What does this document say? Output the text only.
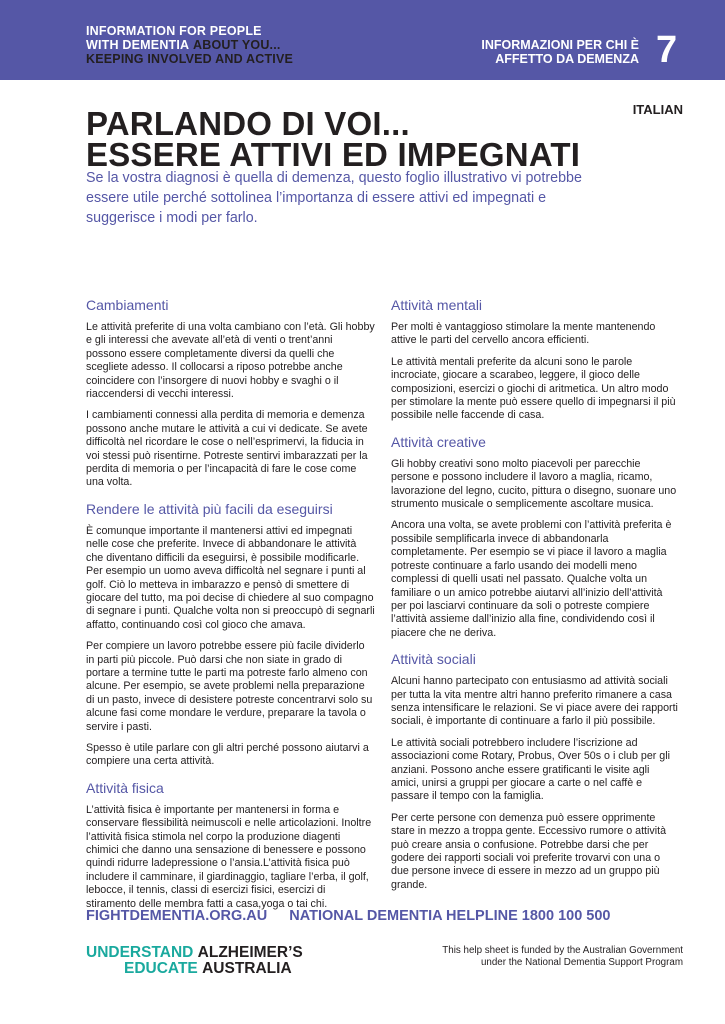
INFORMATION FOR PEOPLE
WITH DEMENTIA ABOUT YOU...
KEEPING INVOLVED AND ACTIVE
INFORMAZIONI PER CHI È
AFFETTO DA DEMENZA 7
ITALIAN
PARLANDO DI VOI...
ESSERE ATTIVI ED IMPEGNATI
Se la vostra diagnosi è quella di demenza, questo foglio illustrativo vi potrebbe essere utile perché sottolinea l’importanza di essere attivi ed impegnati e suggerisce i modi per farlo.
Cambiamenti

Le attività preferite di una volta cambiano con l’età. Gli hobby e gli interessi che avevate all’età di venti o trent’anni possono essere completamente diversi da quelli che scegliete adesso. Il collocarsi a riposo potrebbe anche coincidere con l’insorgere di nuovi hobby e svaghi o il riaccendersi di vecchi interessi.

I cambiamenti connessi alla perdita di memoria e demenza possono anche mutare le attività a cui vi dedicate. Se avete difficoltà nel ricordare le cose o nell’esprimervi, la fiducia in voi stessi può risentirne. Potreste sentirvi imbarazzati per la perdita di memoria o per l’incapacità di fare le cose come una volta.

Rendere le attività più facili da eseguirsi

È comunque importante il mantenersi attivi ed impegnati nelle cose che preferite. Invece di abbandonare le attività che diventano difficili da eseguirsi, è possibile modificarle. Per esempio un uomo aveva difficoltà nel segnare i punti al golf. Ciò lo metteva in imbarazzo e pensò di smettere di giocare del tutto, ma poi decise di chiedere al suo compagno di segnare i punti. Qualche volta non si preoccupò di segnarli affatto, continuando così col gioco che amava.

Per compiere un lavoro potrebbe essere più facile dividerlo in parti più piccole. Può darsi che non siate in grado di portare a termine tutte le parti ma potreste farlo almeno con alcune. Per esempio, se avete problemi nella preparazione di un pasto, invece di desistere potreste concentrarvi solo su alcune fasi come mondare le verdure, preparare la tavola o servire i pasti.

Spesso è utile parlare con gli altri perché possono aiutarvi a compiere una certa attività.

Attività fisica

L’attività fisica è importante per mantenersi in forma e conservare flessibilità neimuscoli e nelle articolazioni. Inoltre l’attività fisica stimola nel corpo la produzione diagenti chimici che danno una sensazione di benessere e possono quindi ridurre ladepressione o l’ansia.L’attività fisica può includere il camminare, il giardinaggio, tagliare l’erba, il golf, lebocce, il tennis, classi di esercizi fisici, esercizi di stiramento delle membra fatti a casa,yoga o tai chi.

Attività mentali

Per molti è vantaggioso stimolare la mente mantenendo attive le parti del cervello ancora efficienti.

Le attività mentali preferite da alcuni sono le parole incrociate, giocare a scarabeo, leggere, il gioco delle composizioni, esercizi o giochi di aritmetica. Un altro modo per stimolare la mente può essere quello di impegnarsi il più possibile nelle faccende di casa.

Attività creative

Gli hobby creativi sono molto piacevoli per parecchie persone e possono includere il lavoro a maglia, ricamo, lavorazione del legno, cucito, pittura o disegno, suonare uno strumento musicale o semplicemente ascoltare musica.

Ancora una volta, se avete problemi con l’attività preferita è possibile semplificarla invece di abbandonarla completamente. Per esempio se vi piace il lavoro a maglia potreste continuare a farlo usando dei modelli meno complessi di quelli usati nel passato. Qualche volta un familiare o un amico potrebbe aiutarvi all’inizio dell’attività per poi lasciarvi continuare da soli o potreste compiere l’attività assieme dall’inizio alla fine, condividendo così il piacere che ne deriva.

Attività sociali

Alcuni hanno partecipato con entusiasmo ad attività sociali per tutta la vita mentre altri hanno preferito rimanere a casa senza intensificare le relazioni. Se vi piace avere dei rapporti sociali, è importante di continuare a farlo il più possibile.

Le attività sociali potrebbero includere l’iscrizione ad associazioni come Rotary, Probus, Over 50s o i club per gli anziani. Possono anche essere gratificanti le visite agli amici, unirsi a gruppi per giocare a carte o nel caffè e passare il tempo con la famiglia.

Per certe persone con demenza può essere opprimente stare in mezzo a troppa gente. Eccessivo rumore o attività può creare ansia o confusione. Potrebbe darsi che per godere dei rapporti sociali voi preferite trovarvi con una o due persone invece di essere in mezzo ad un gruppo più grande.

FIGHTDEMENTIA.ORG.AU NATIONAL DEMENTIA HELPLINE 1800 100 500
UNDERSTAND ALZHEIMER’S
EDUCATE AUSTRALIA
This help sheet is funded by the Australian Government
under the National Dementia Support Program
